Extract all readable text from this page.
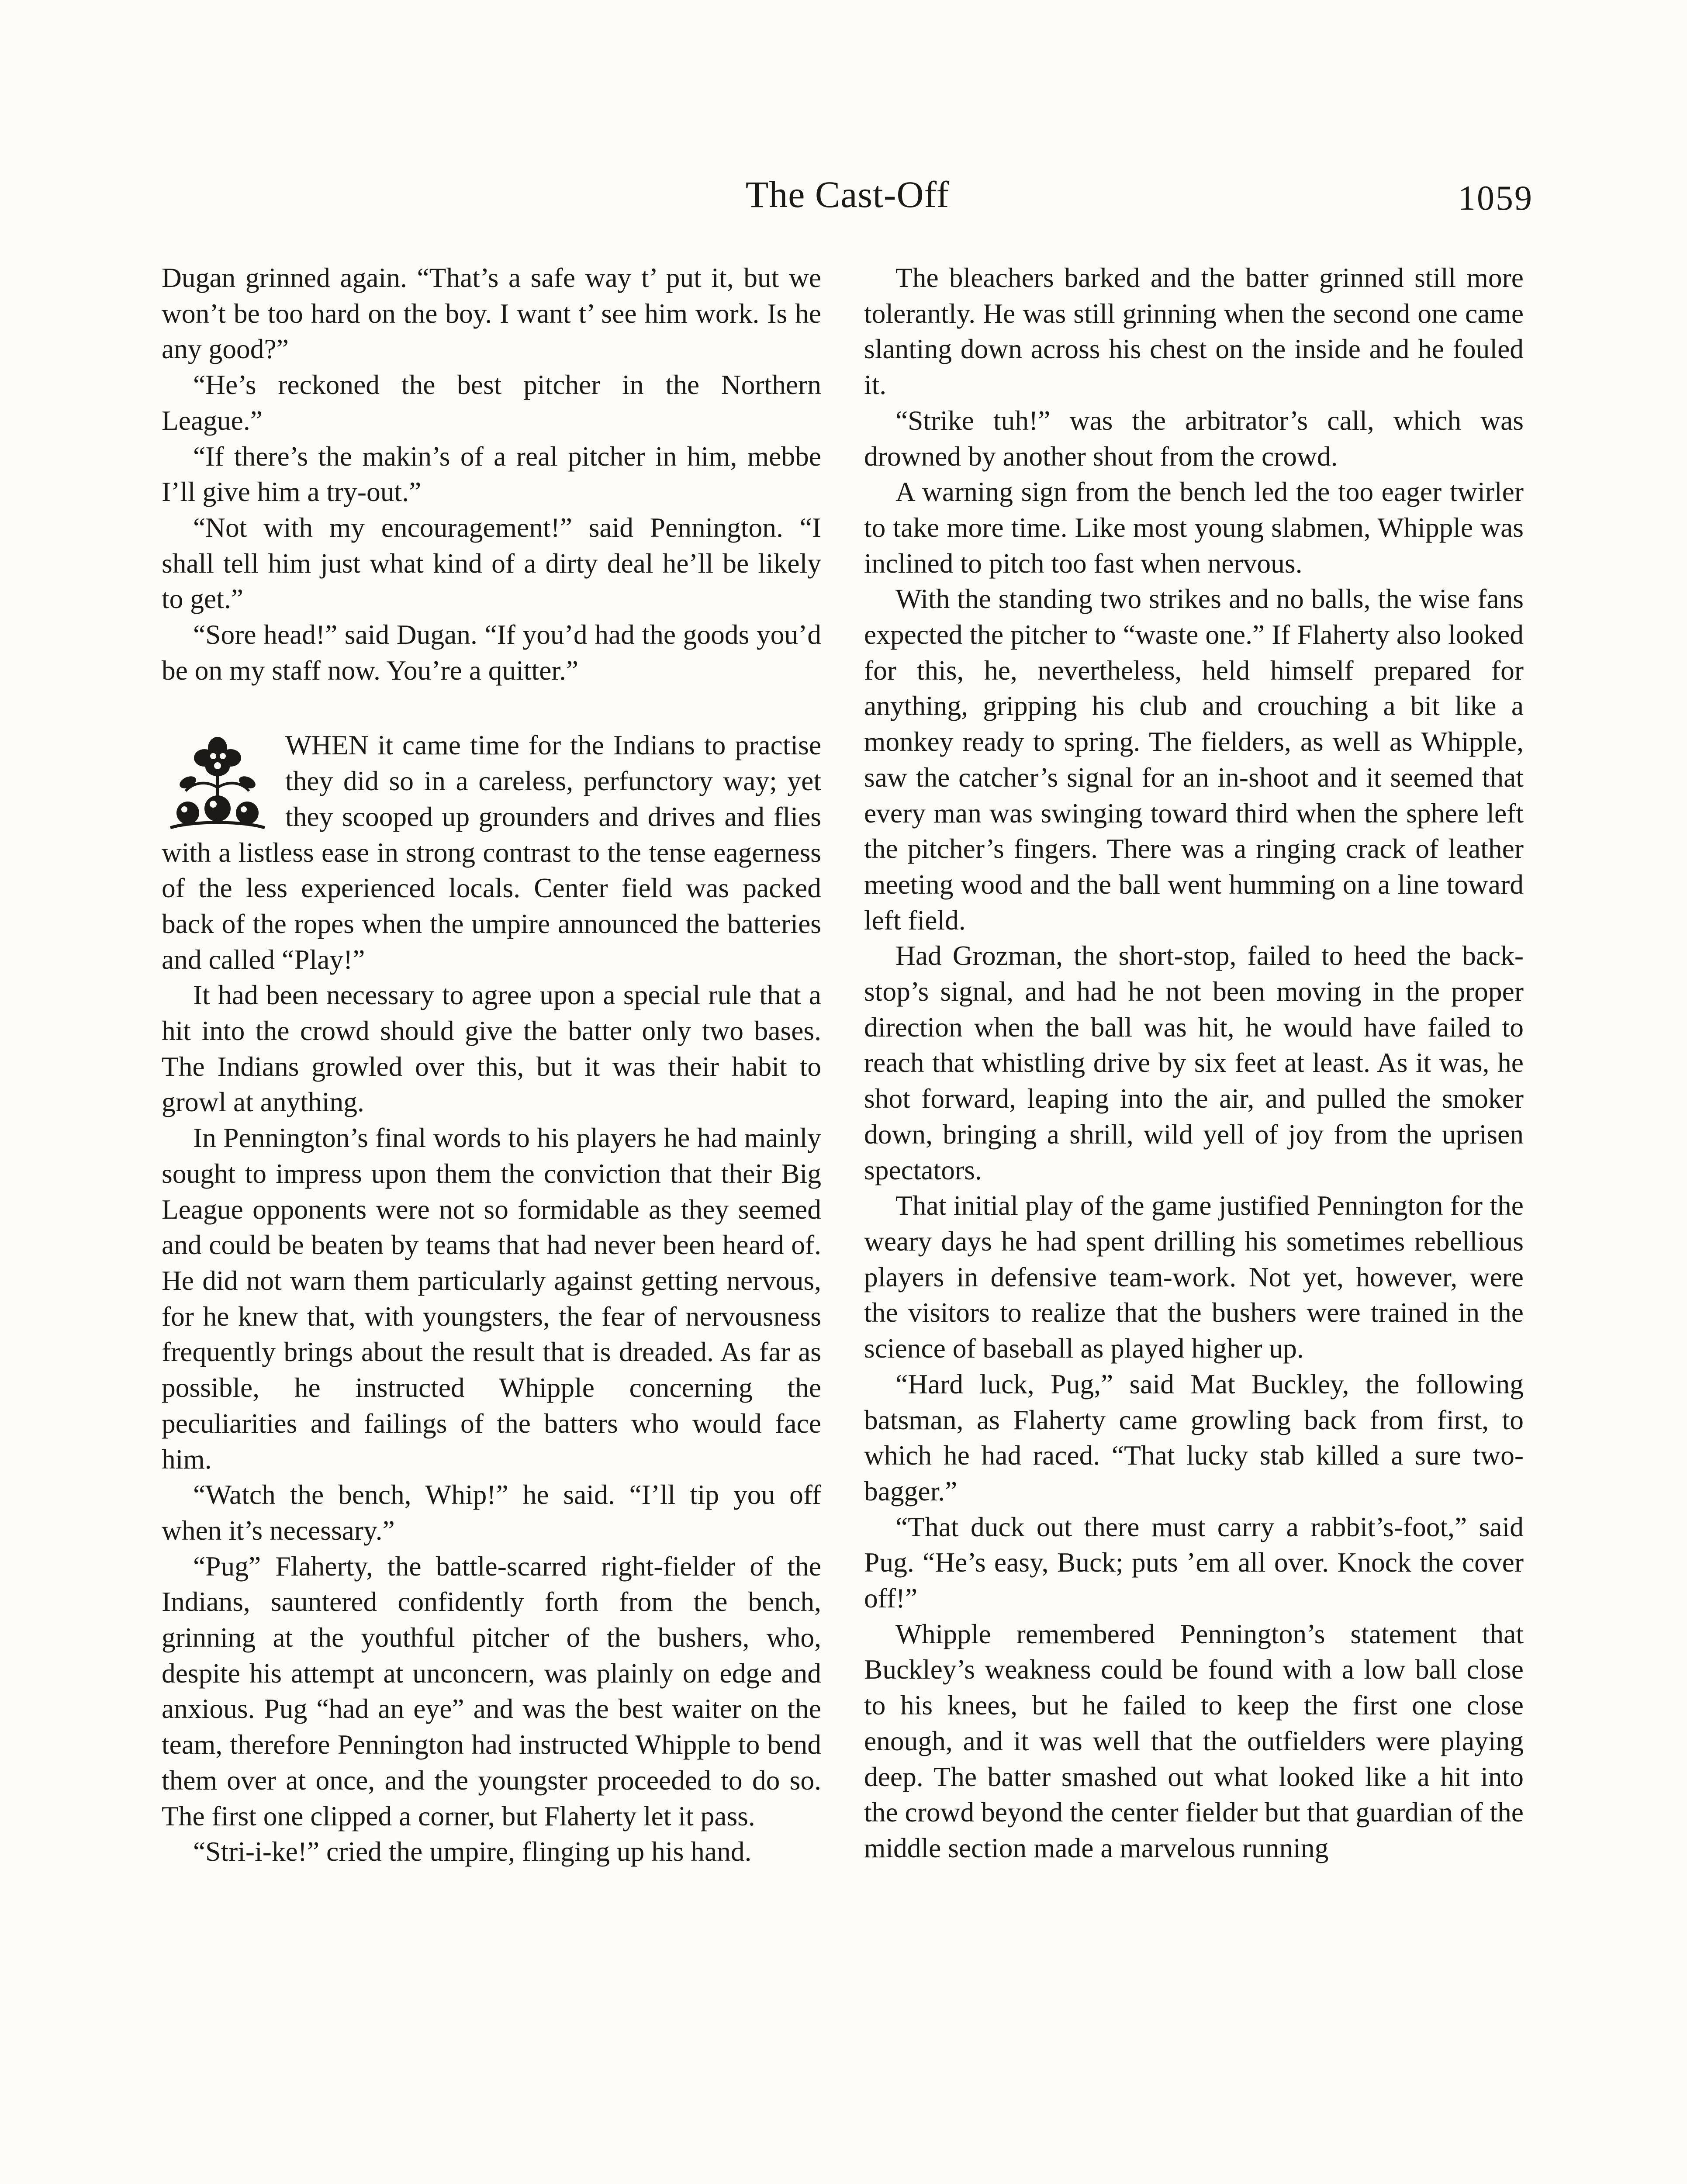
The Cast-Off	1059

Dugan grinned again. “That’s a safe way t’ put it, but we won’t be too hard on the boy. I want t’ see him work. Is he any good?”

“He’s reckoned the best pitcher in the Northern League.”

“If there’s the makin’s of a real pitcher in him, mebbe I’ll give him a try-out.”

“Not with my encouragement!” said Pennington. “I shall tell him just what kind of a dirty deal he’ll be likely to get.”

“Sore head!” said Dugan. “If you’d had the goods you’d be on my staff now. You’re a quitter.”

WHEN it came time for the Indians to practise they did so in a careless, perfunctory way; yet they scooped up grounders and drives and flies with a listless ease in strong contrast to the tense eagerness of the less experienced locals. Center field was packed back of the ropes when the umpire announced the batteries and called “Play!”

It had been necessary to agree upon a special rule that a hit into the crowd should give the batter only two bases. The Indians growled over this, but it was their habit to growl at anything.

In Pennington’s final words to his players he had mainly sought to impress upon them the conviction that their Big League opponents were not so formidable as they seemed and could be beaten by teams that had never been heard of. He did not warn them particularly against getting nervous, for he knew that, with youngsters, the fear of nervousness frequently brings about the result that is dreaded. As far as possible, he instructed Whipple concerning the peculiarities and failings of the batters who would face him.

“Watch the bench, Whip!” he said. “I’ll tip you off when it’s necessary.”

“Pug” Flaherty, the battle-scarred right-fielder of the Indians, sauntered confidently forth from the bench, grinning at the youthful pitcher of the bushers, who, despite his attempt at unconcern, was plainly on edge and anxious. Pug “had an eye” and was the best waiter on the team, therefore Pennington had instructed Whipple to bend them over at once, and the youngster proceeded to do so. The first one clipped a corner, but Flaherty let it pass.

“Stri-i-ke!” cried the umpire, flinging up his hand.

The bleachers barked and the batter grinned still more tolerantly. He was still grinning when the second one came slanting down across his chest on the inside and he fouled it.

“Strike tuh!” was the arbitrator’s call, which was drowned by another shout from the crowd.

A warning sign from the bench led the too eager twirler to take more time. Like most young slabmen, Whipple was inclined to pitch too fast when nervous.

With the standing two strikes and no balls, the wise fans expected the pitcher to “waste one.” If Flaherty also looked for this, he, nevertheless, held himself prepared for anything, gripping his club and crouching a bit like a monkey ready to spring. The fielders, as well as Whipple, saw the catcher’s signal for an in-shoot and it seemed that every man was swinging toward third when the sphere left the pitcher’s fingers. There was a ringing crack of leather meeting wood and the ball went humming on a line toward left field.

Had Grozman, the short-stop, failed to heed the back-stop’s signal, and had he not been moving in the proper direction when the ball was hit, he would have failed to reach that whistling drive by six feet at least. As it was, he shot forward, leaping into the air, and pulled the smoker down, bringing a shrill, wild yell of joy from the uprisen spectators.

That initial play of the game justified Pennington for the weary days he had spent drilling his sometimes rebellious players in defensive team-work. Not yet, however, were the visitors to realize that the bushers were trained in the science of baseball as played higher up.

“Hard luck, Pug,” said Mat Buckley, the following batsman, as Flaherty came growling back from first, to which he had raced. “That lucky stab killed a sure two-bagger.”

“That duck out there must carry a rabbit’s-foot,” said Pug. “He’s easy, Buck; puts ’em all over. Knock the cover off!”

Whipple remembered Pennington’s statement that Buckley’s weakness could be found with a low ball close to his knees, but he failed to keep the first one close enough, and it was well that the outfielders were playing deep. The batter smashed out what looked like a hit into the crowd beyond the center fielder but that guardian of the middle section made a marvelous running
